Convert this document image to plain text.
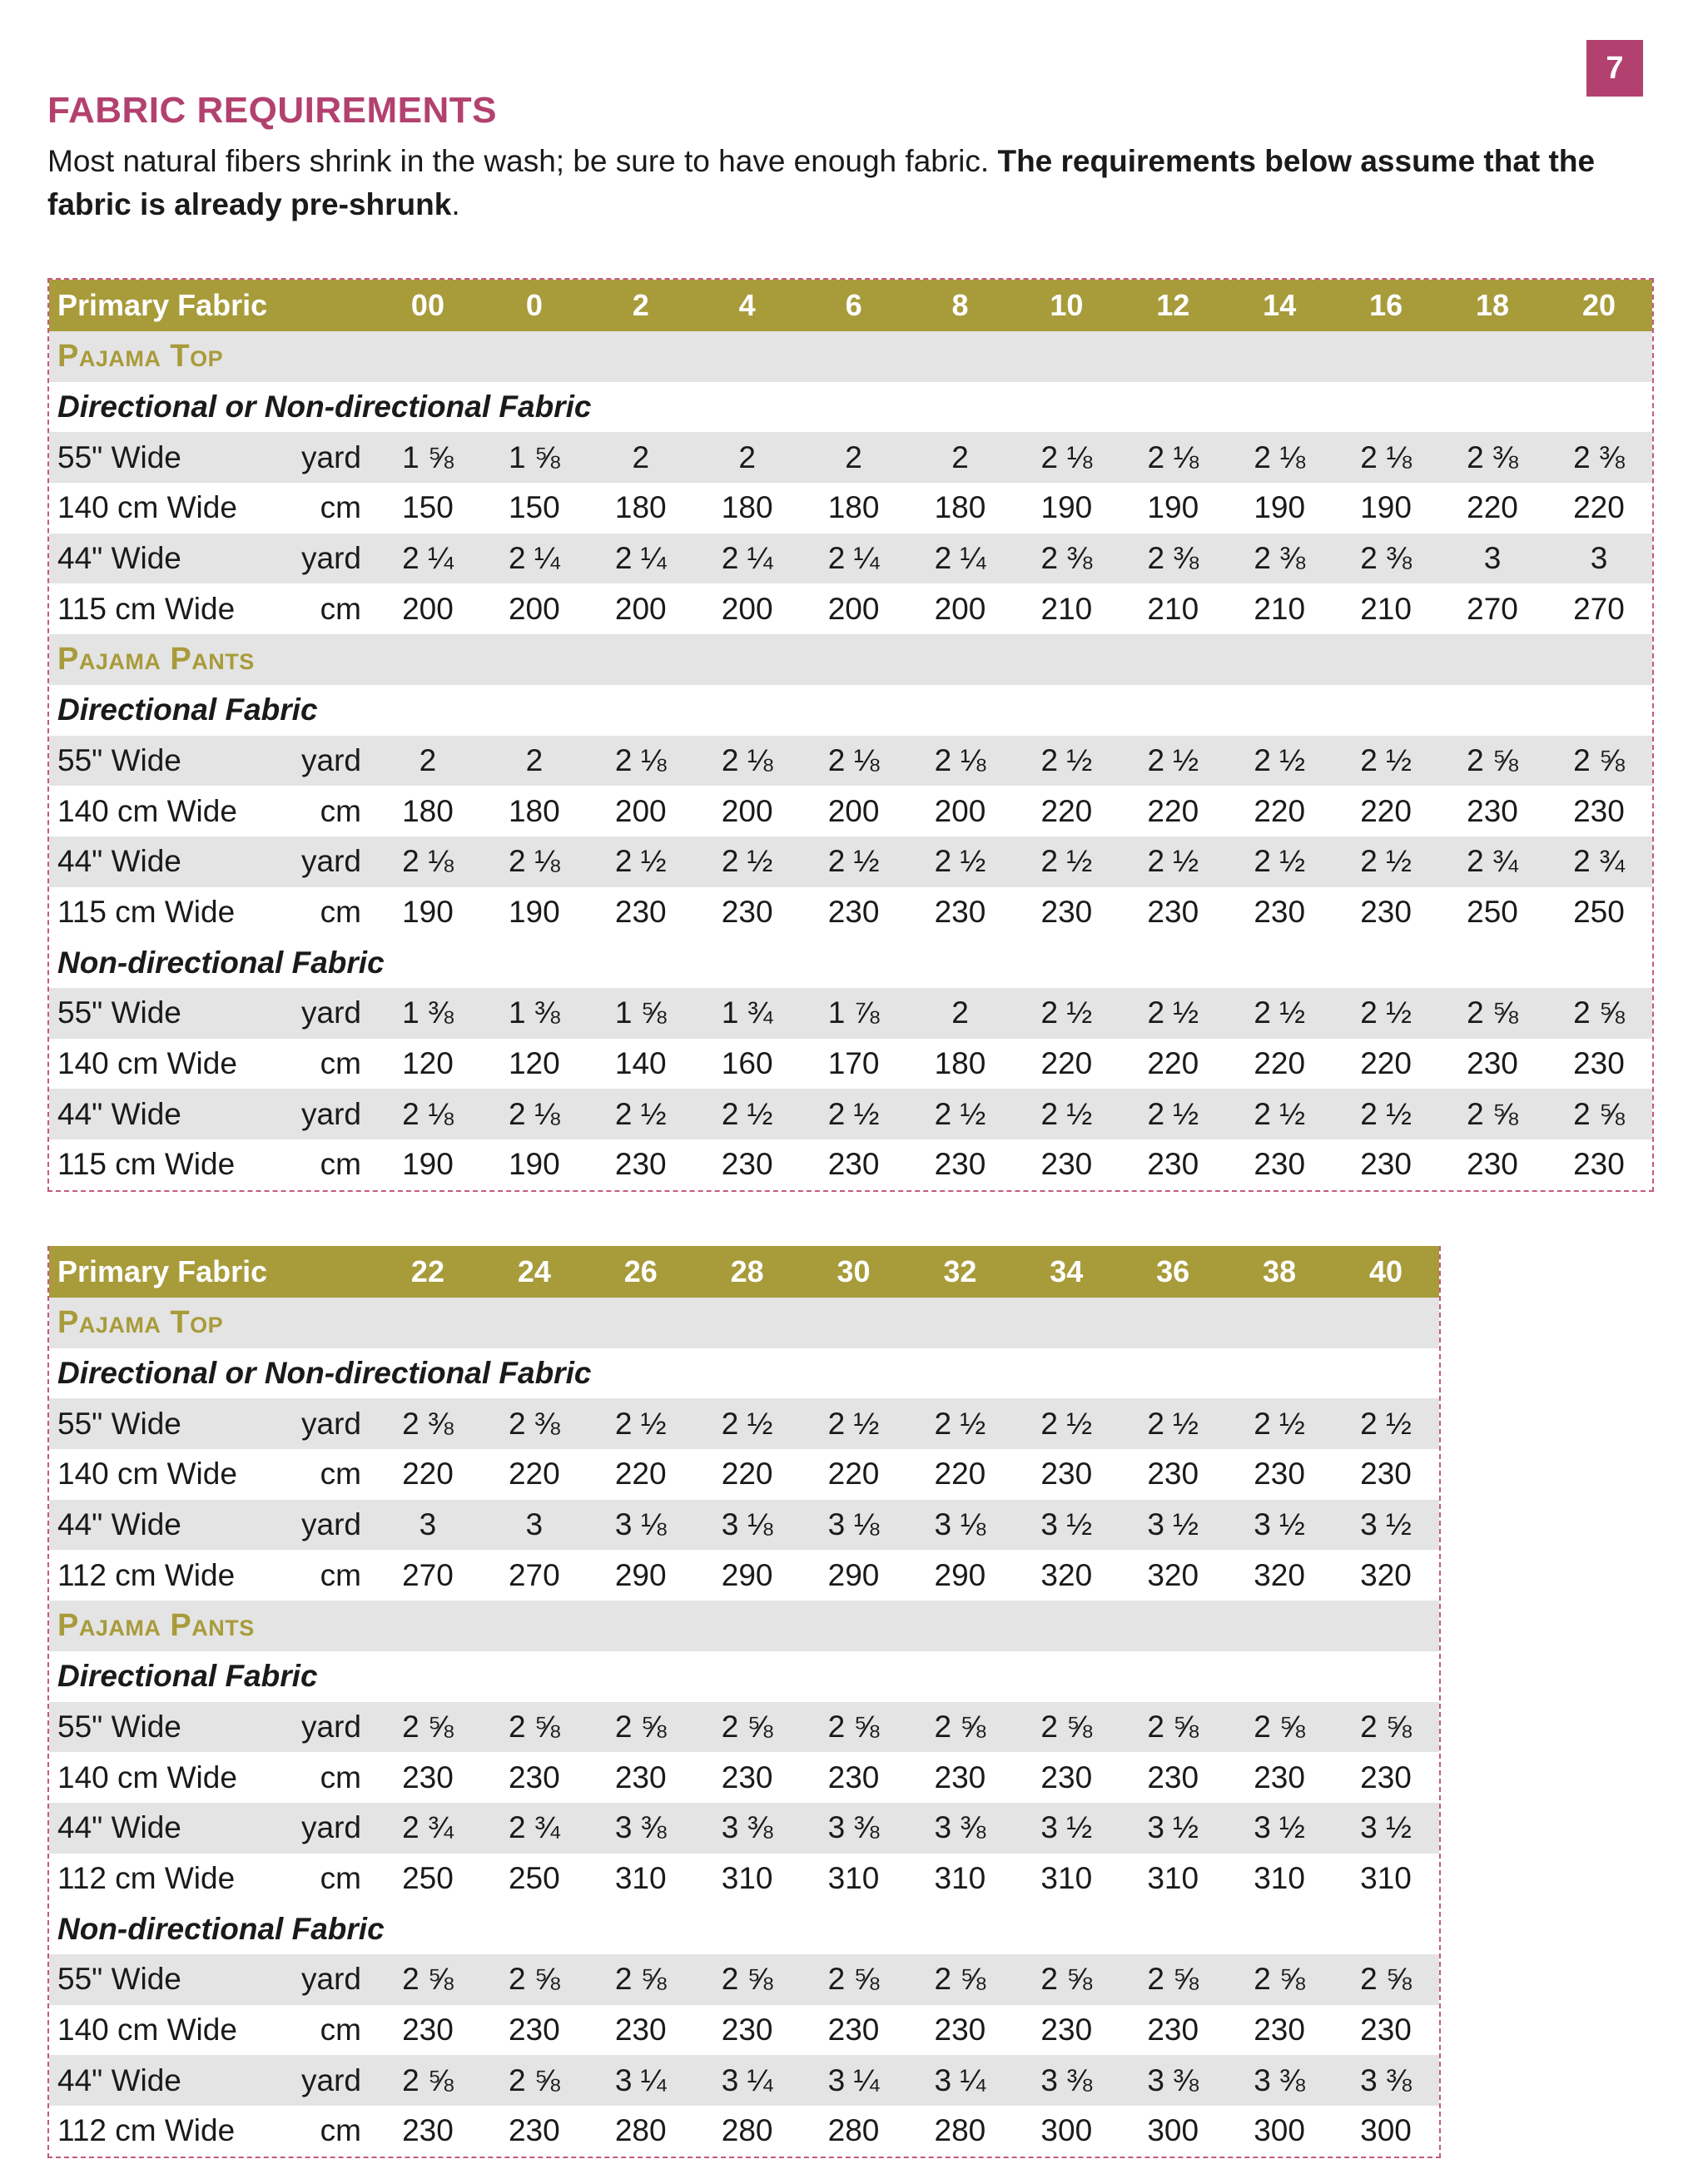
7
FABRIC REQUIREMENTS

Most natural fibers shrink in the wash; be sure to have enough fabric. The requirements below assume that the fabric is already pre-shrunk.

Primary Fabric		00	0	2	4	6	8	10	12	14	16	18	20
Pajama Top													
Directional or Non-directional Fabric													
55" Wide	yard	1 ⅝	1 ⅝	2	2	2	2	2 ⅛	2 ⅛	2 ⅛	2 ⅛	2 ⅜	2 ⅜
140 cm Wide	cm	150	150	180	180	180	180	190	190	190	190	220	220
44" Wide	yard	2 ¼	2 ¼	2 ¼	2 ¼	2 ¼	2 ¼	2 ⅜	2 ⅜	2 ⅜	2 ⅜	3	3
115 cm Wide	cm	200	200	200	200	200	200	210	210	210	210	270	270
Pajama Pants													
Directional Fabric													
55" Wide	yard	2	2	2 ⅛	2 ⅛	2 ⅛	2 ⅛	2 ½	2 ½	2 ½	2 ½	2 ⅝	2 ⅝
140 cm Wide	cm	180	180	200	200	200	200	220	220	220	220	230	230
44" Wide	yard	2 ⅛	2 ⅛	2 ½	2 ½	2 ½	2 ½	2 ½	2 ½	2 ½	2 ½	2 ¾	2 ¾
115 cm Wide	cm	190	190	230	230	230	230	230	230	230	230	250	250
Non-directional Fabric													
55" Wide	yard	1 ⅜	1 ⅜	1 ⅝	1 ¾	1 ⅞	2	2 ½	2 ½	2 ½	2 ½	2 ⅝	2 ⅝
140 cm Wide	cm	120	120	140	160	170	180	220	220	220	220	230	230
44" Wide	yard	2 ⅛	2 ⅛	2 ½	2 ½	2 ½	2 ½	2 ½	2 ½	2 ½	2 ½	2 ⅝	2 ⅝
115 cm Wide	cm	190	190	230	230	230	230	230	230	230	230	230	230
Primary Fabric		22	24	26	28	30	32	34	36	38	40
Pajama Top											
Directional or Non-directional Fabric											
55" Wide	yard	2 ⅜	2 ⅜	2 ½	2 ½	2 ½	2 ½	2 ½	2 ½	2 ½	2 ½
140 cm Wide	cm	220	220	220	220	220	220	230	230	230	230
44" Wide	yard	3	3	3 ⅛	3 ⅛	3 ⅛	3 ⅛	3 ½	3 ½	3 ½	3 ½
112 cm Wide	cm	270	270	290	290	290	290	320	320	320	320
Pajama Pants											
Directional Fabric											
55" Wide	yard	2 ⅝	2 ⅝	2 ⅝	2 ⅝	2 ⅝	2 ⅝	2 ⅝	2 ⅝	2 ⅝	2 ⅝
140 cm Wide	cm	230	230	230	230	230	230	230	230	230	230
44" Wide	yard	2 ¾	2 ¾	3 ⅜	3 ⅜	3 ⅜	3 ⅜	3 ½	3 ½	3 ½	3 ½
112 cm Wide	cm	250	250	310	310	310	310	310	310	310	310
Non-directional Fabric											
55" Wide	yard	2 ⅝	2 ⅝	2 ⅝	2 ⅝	2 ⅝	2 ⅝	2 ⅝	2 ⅝	2 ⅝	2 ⅝
140 cm Wide	cm	230	230	230	230	230	230	230	230	230	230
44" Wide	yard	2 ⅝	2 ⅝	3 ¼	3 ¼	3 ¼	3 ¼	3 ⅜	3 ⅜	3 ⅜	3 ⅜
112 cm Wide	cm	230	230	280	280	280	280	300	300	300	300
